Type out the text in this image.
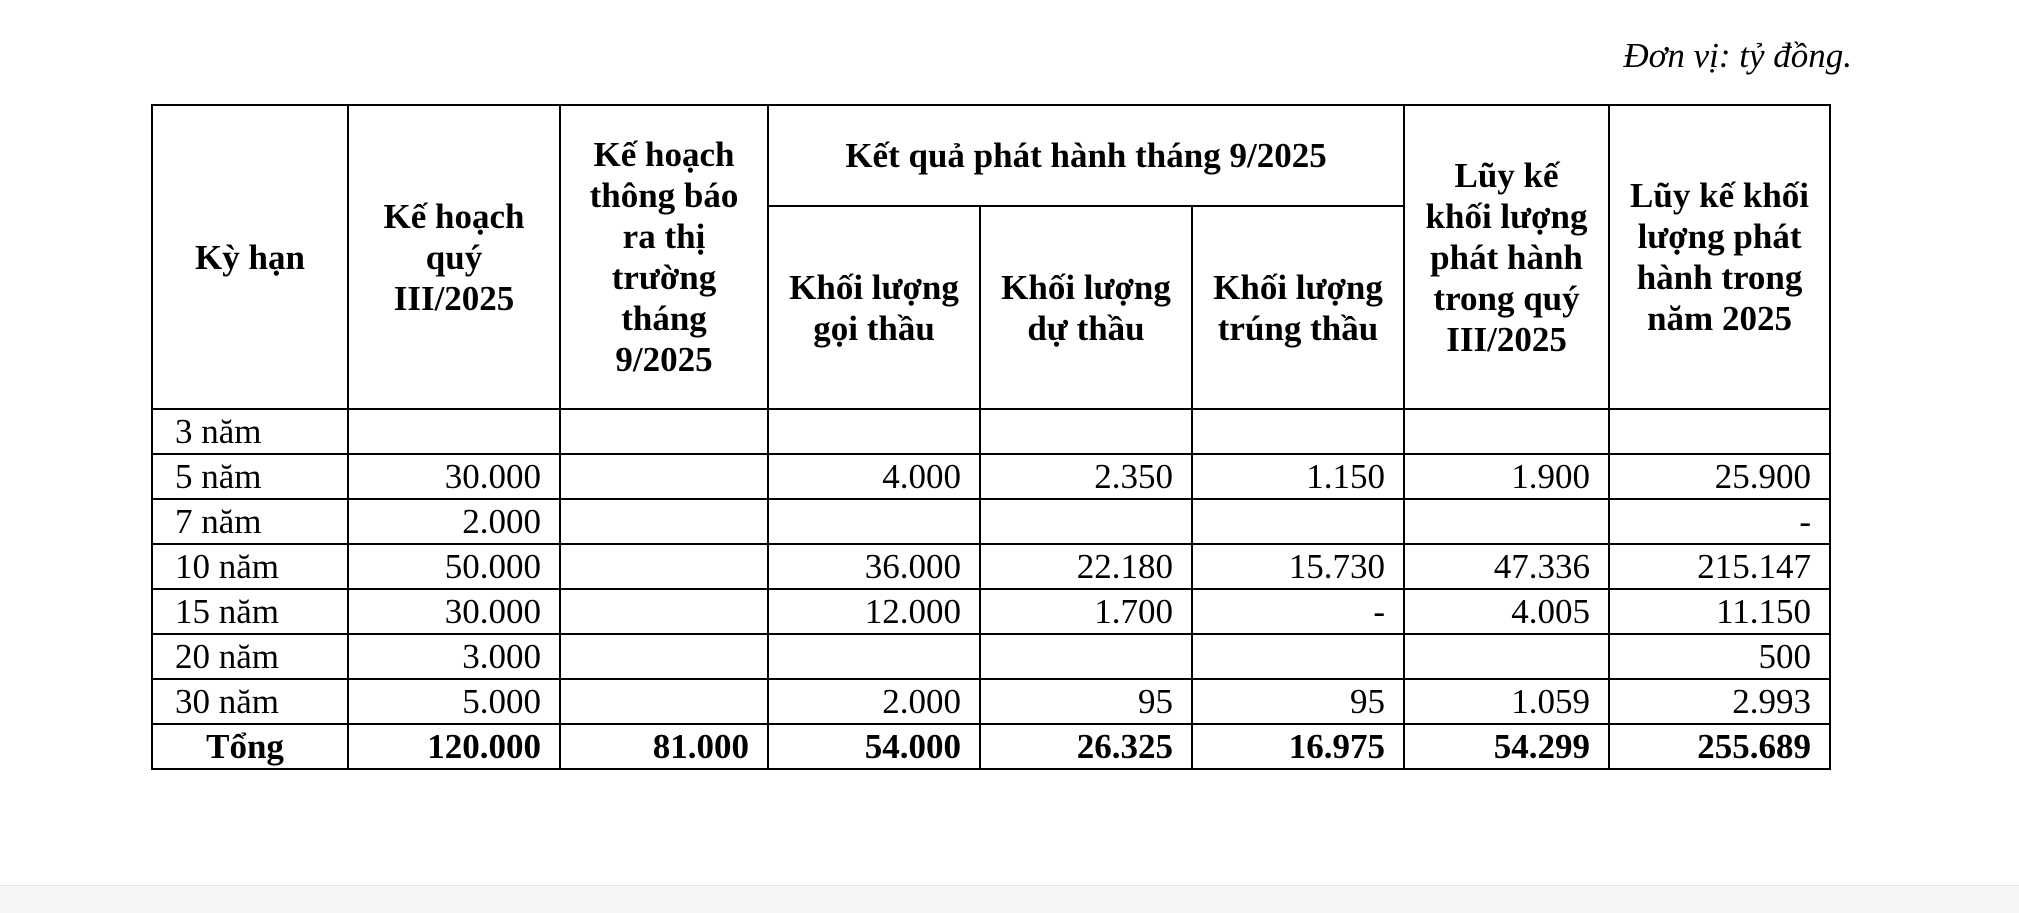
Đơn vị: tỷ đồng.
Kỳ hạn	Kế hoạch quý III/2025	Kế hoạch thông báo ra thị trường tháng 9/2025	Kết quả phát hành tháng 9/2025			Lũy kế khối lượng phát hành trong quý III/2025	Lũy kế khối lượng phát hành trong năm 2025

			Khối lượng gọi thầu	Khối lượng dự thầu	Khối lượng trúng thầu		

3 năm							
5 năm	30.000		4.000	2.350	1.150	1.900	25.900
7 năm	2.000						-
10 năm	50.000		36.000	22.180	15.730	47.336	215.147
15 năm	30.000		12.000	1.700	-	4.005	11.150
20 năm	3.000						500
30 năm	5.000		2.000	95	95	1.059	2.993
Tổng	120.000	81.000	54.000	26.325	16.975	54.299	255.689
